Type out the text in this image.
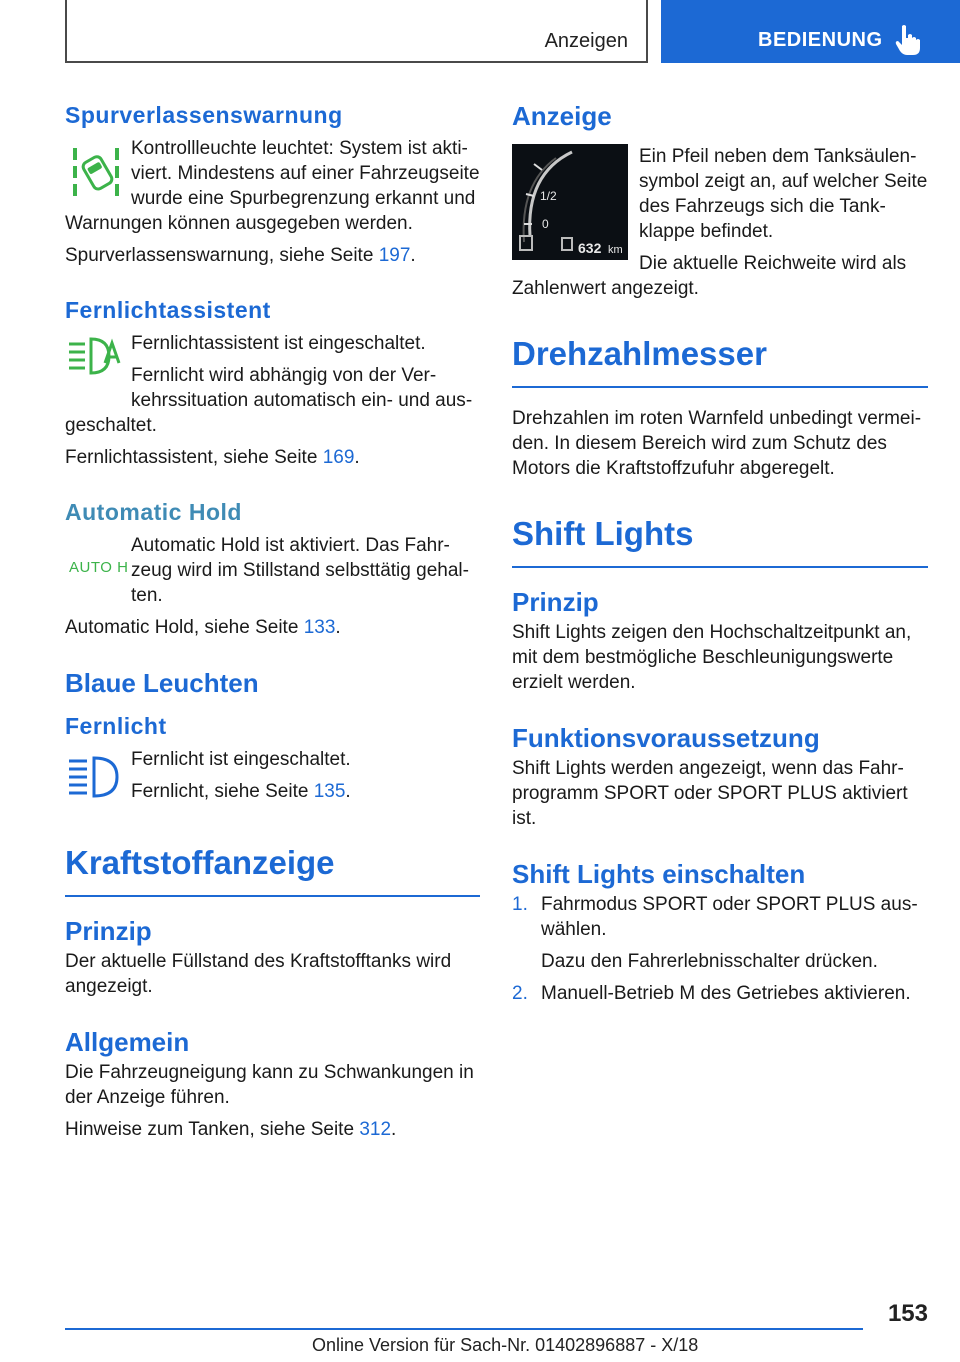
Anzeigen	BEDIENUNG
Spurverlassenswarnung

Kontrollleuchte leuchtet: System ist aktiviert. Mindestens auf einer Fahrzeugseite wurde eine Spurbegrenzung erkannt und Warnungen können ausgegeben werden.

Spurverlassenswarnung, siehe Seite 197.

Fernlichtassistent

Fernlichtassistent ist eingeschaltet.

Fernlicht wird abhängig von der Verkehrssituation automatisch ein- und ausgeschaltet.

Fernlichtassistent, siehe Seite 169.

Automatic Hold
AUTO H

Automatic Hold ist aktiviert. Das Fahrzeug wird im Stillstand selbsttätig gehalten.

Automatic Hold, siehe Seite 133.

Blaue Leuchten
Fernlicht

Fernlicht ist eingeschaltet.

Fernlicht, siehe Seite 135.

Kraftstoffanzeige
Prinzip

Der aktuelle Füllstand des Kraftstofftanks wird angezeigt.

Allgemein

Die Fahrzeugneigung kann zu Schwankungen in der Anzeige führen.

Hinweise zum Tanken, siehe Seite 312.

Anzeige
1/2
0
632 km

Ein Pfeil neben dem Tanksäulensymbol zeigt an, auf welcher Seite des Fahrzeugs sich die Tankklappe befindet.

Die aktuelle Reichweite wird als Zahlenwert angezeigt.

Drehzahlmesser

Drehzahlen im roten Warnfeld unbedingt vermeiden. In diesem Bereich wird zum Schutz des Motors die Kraftstoffzufuhr abgeregelt.

Shift Lights
Prinzip

Shift Lights zeigen den Hochschaltzeitpunkt an, mit dem bestmögliche Beschleunigungswerte erzielt werden.

Funktionsvoraussetzung

Shift Lights werden angezeigt, wenn das Fahrprogramm SPORT oder SPORT PLUS aktiviert ist.

Shift Lights einschalten
1. Fahrmodus SPORT oder SPORT PLUS auswählen.

Dazu den Fahrerlebnisschalter drücken.

2. Manuell-Betrieb M des Getriebes aktivieren.
153
Online Version für Sach-Nr. 01402896887 - X/18
